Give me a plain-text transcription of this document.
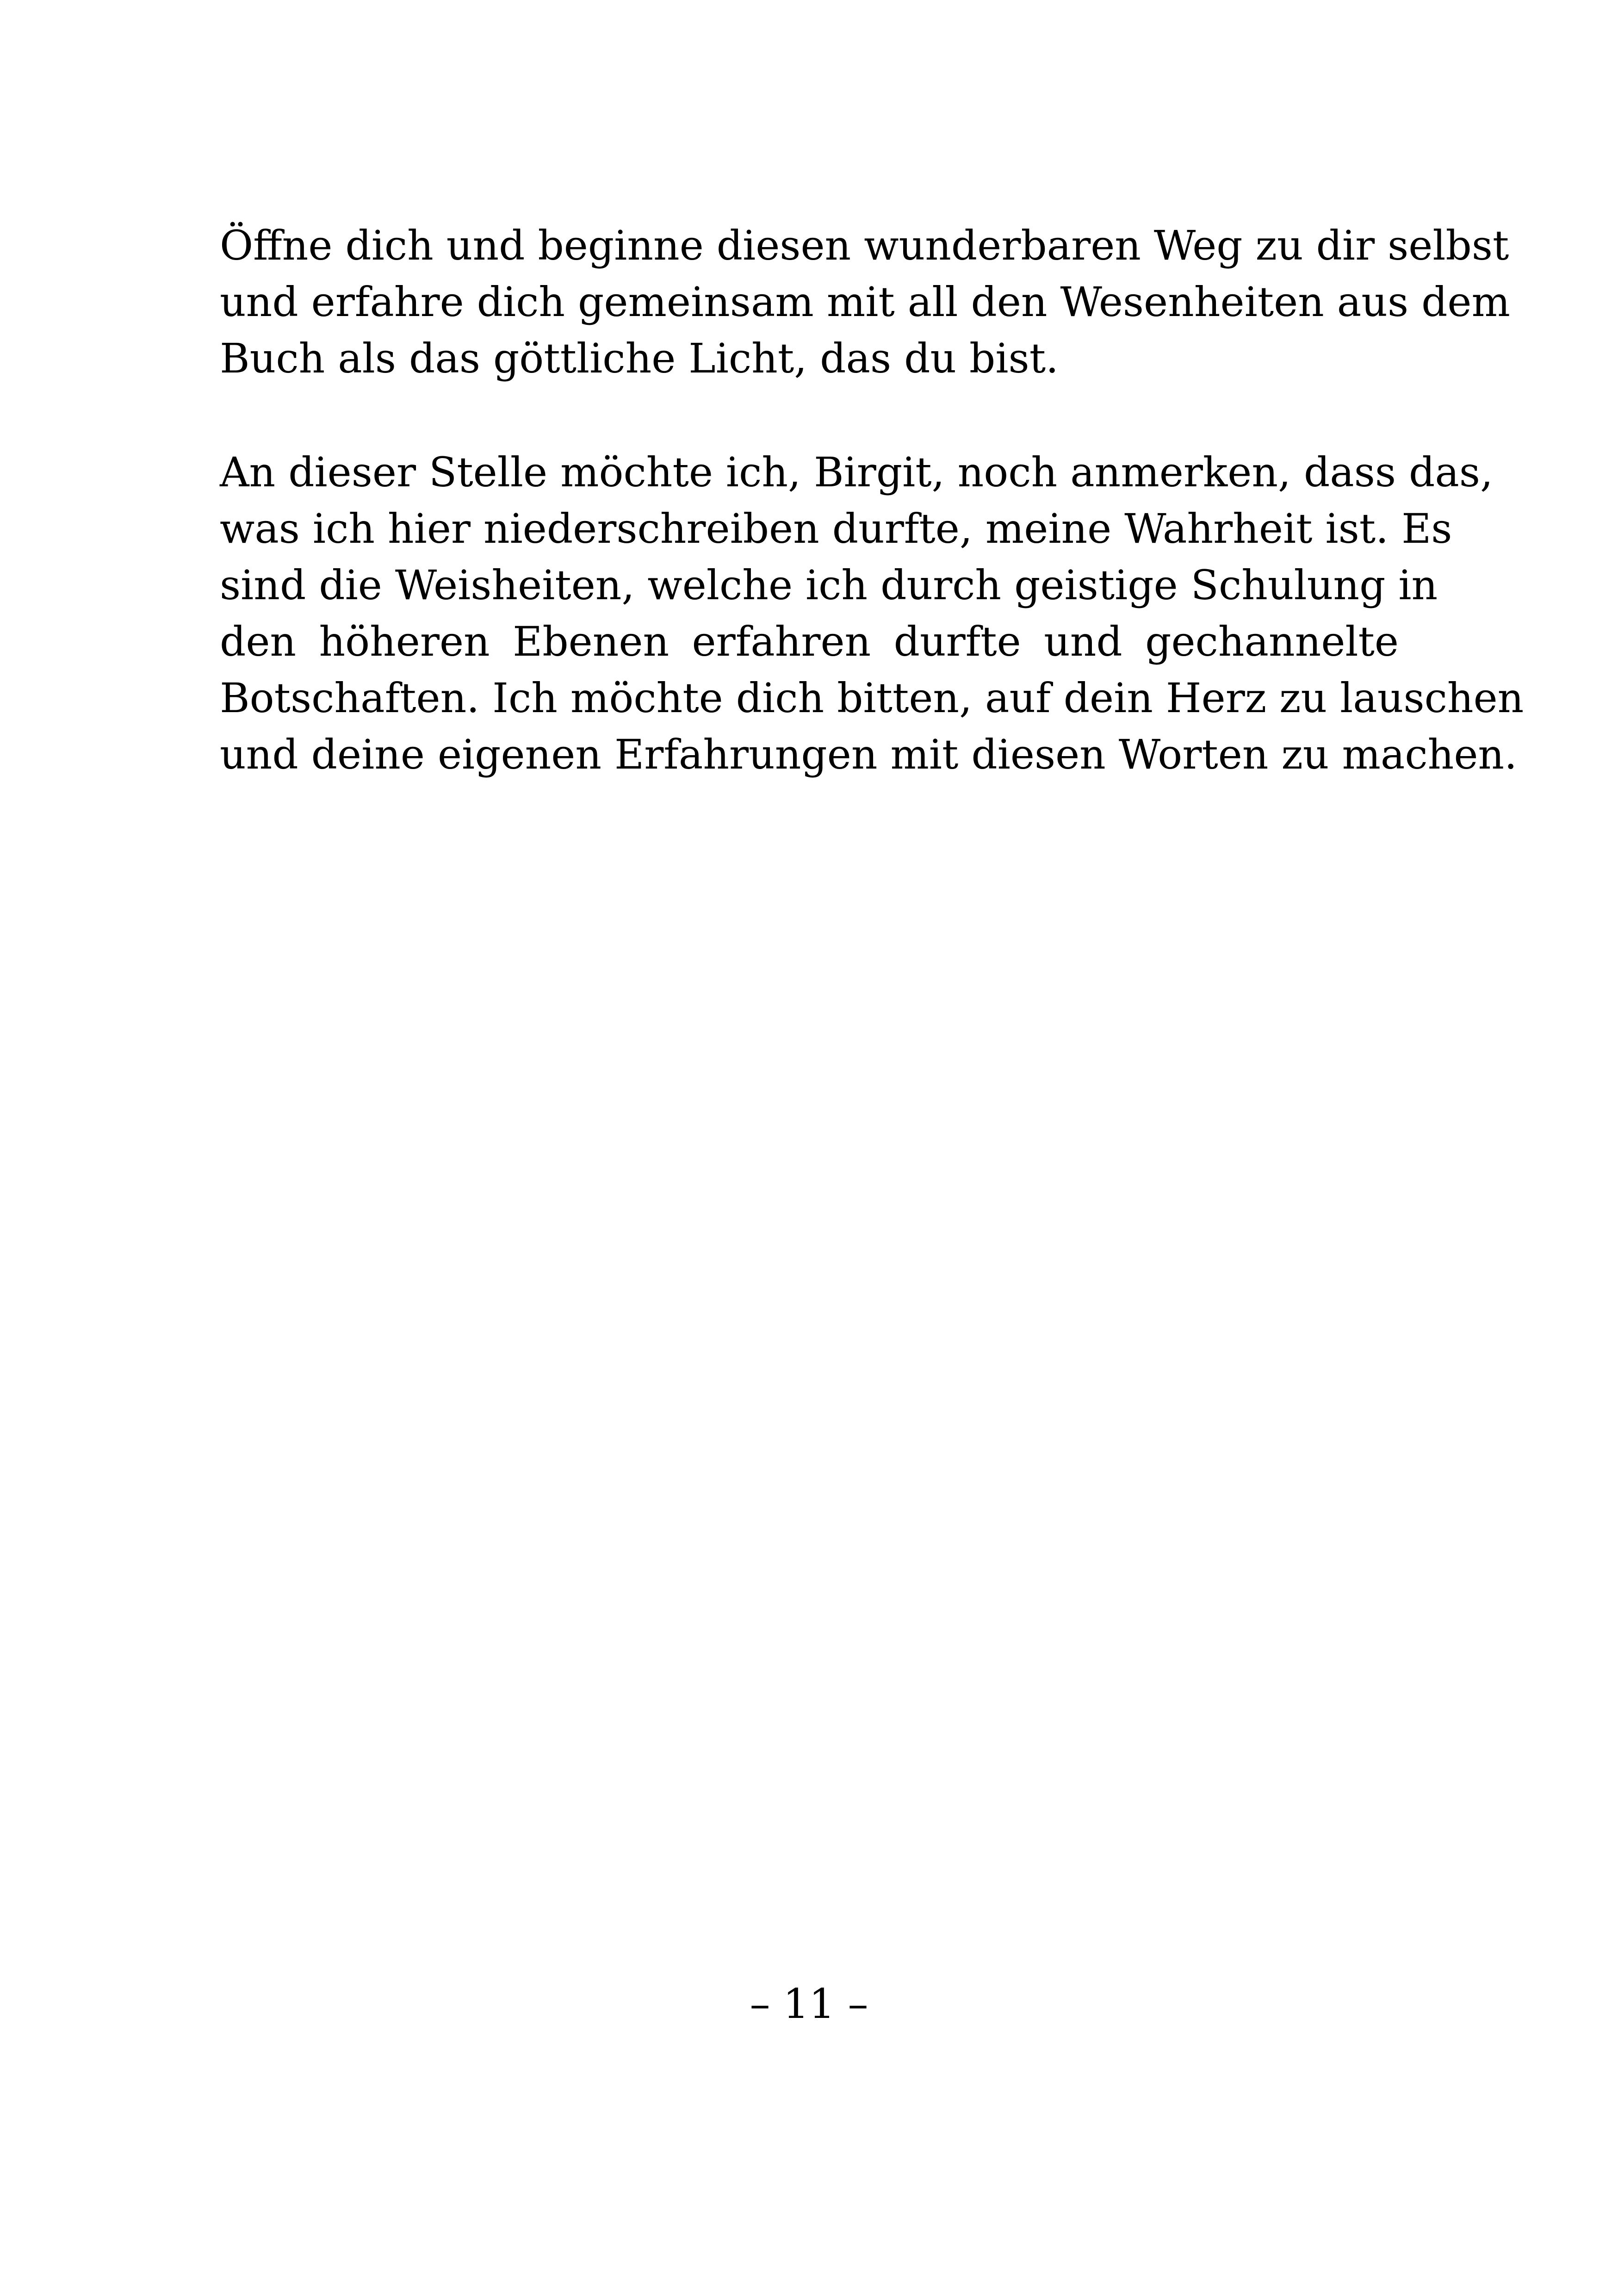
Öffne dich und beginne diesen wunderbaren Weg zu dir selbst
und erfahre dich gemeinsam mit all den Wesenheiten aus dem
Buch als das göttliche Licht, das du bist.
An dieser Stelle möchte ich, Birgit, noch anmerken, dass das,
was ich hier niederschreiben durfte, meine Wahrheit ist. Es
sind die Weisheiten, welche ich durch geistige Schulung in
den höheren Ebenen erfahren durfte und gechannelte
Botschaften. Ich möchte dich bitten, auf dein Herz zu lauschen
und deine eigenen Erfahrungen mit diesen Worten zu machen.
– 11 –
